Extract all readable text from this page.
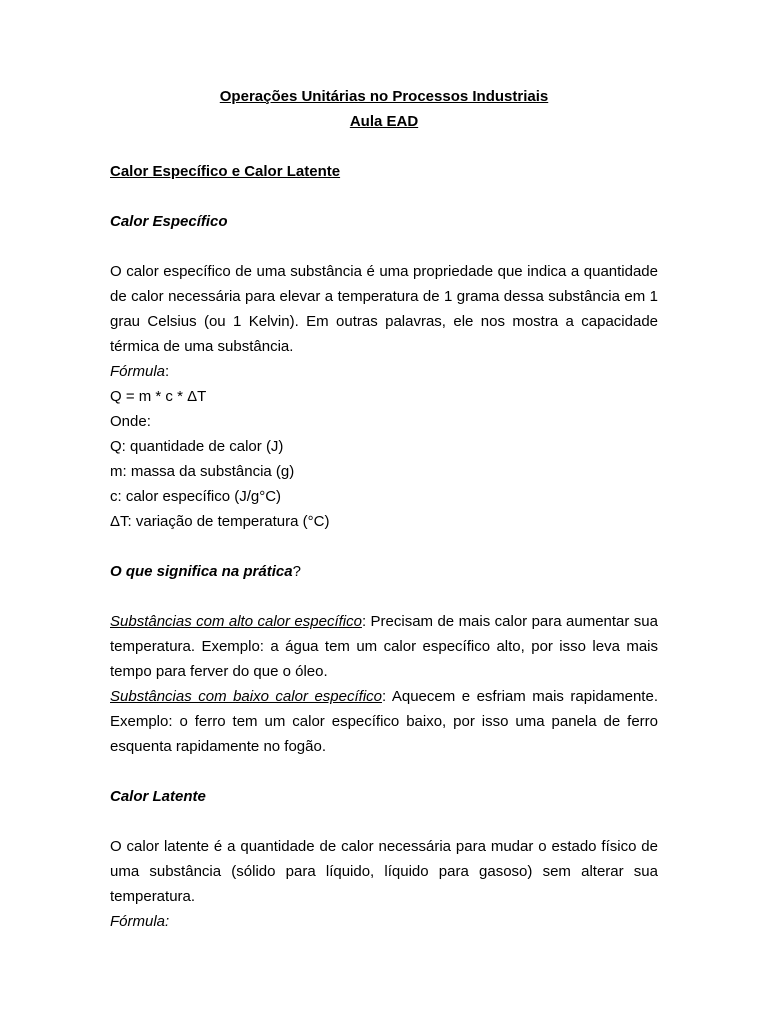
Operações Unitárias no Processos Industriais

Aula EAD

Calor Específico e Calor Latente

Calor Específico

O calor específico de uma substância é uma propriedade que indica a quantidade de calor necessária para elevar a temperatura de 1 grama dessa substância em 1 grau Celsius (ou 1 Kelvin). Em outras palavras, ele nos mostra a capacidade térmica de uma substância.

Fórmula:

Q = m * c * ΔT

Onde:

Q: quantidade de calor (J)

m: massa da substância (g)

c: calor específico (J/g°C)

ΔT: variação de temperatura (°C)

O que significa na prática?

Substâncias com alto calor específico: Precisam de mais calor para aumentar sua temperatura. Exemplo: a água tem um calor específico alto, por isso leva mais tempo para ferver do que o óleo.

Substâncias com baixo calor específico: Aquecem e esfriam mais rapidamente. Exemplo: o ferro tem um calor específico baixo, por isso uma panela de ferro esquenta rapidamente no fogão.

Calor Latente

O calor latente é a quantidade de calor necessária para mudar o estado físico de uma substância (sólido para líquido, líquido para gasoso) sem alterar sua temperatura.

Fórmula:
